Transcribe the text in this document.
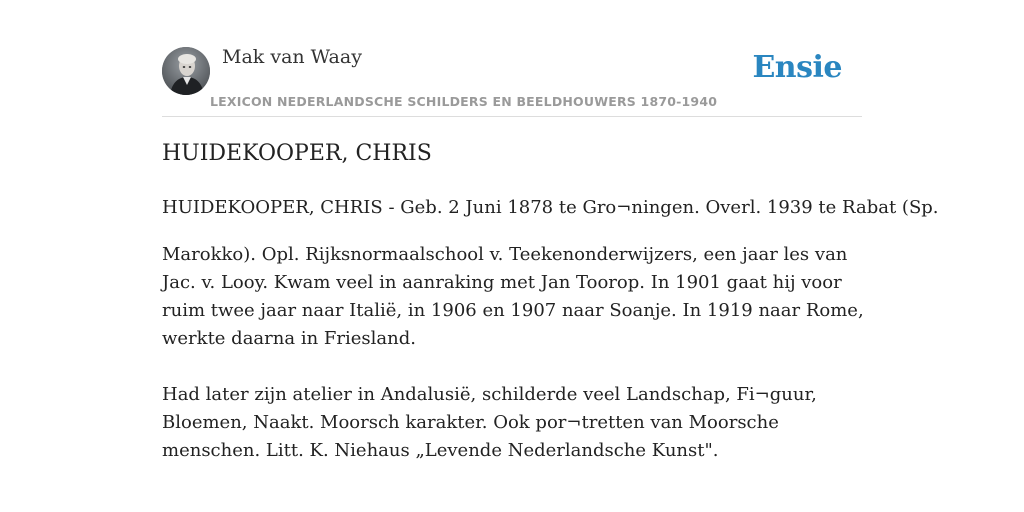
Mak van Waay	Ensie
LEXICON NEDERLANDSCHE SCHILDERS EN BEELDHOUWERS 1870-1940
HUIDEKOOPER, CHRIS

HUIDEKOOPER, CHRIS - Geb. 2 Juni 1878 te Gro¬ningen. Overl. 1939 te Rabat (Sp.

Marokko). Opl. Rijksnormaalschool v. Teekenonderwijzers, een jaar les van Jac. v. Looy. Kwam veel in aanraking met Jan Toorop. In 1901 gaat hij voor ruim twee jaar naar Italië, in 1906 en 1907 naar Soanje. In 1919 naar Rome, werkte daarna in Friesland.

Had later zijn atelier in Andalusië, schilderde veel Landschap, Fi¬guur, Bloemen, Naakt. Moorsch karakter. Ook por¬tretten van Moorsche menschen. Litt. K. Niehaus „Levende Nederlandsche Kunst".
